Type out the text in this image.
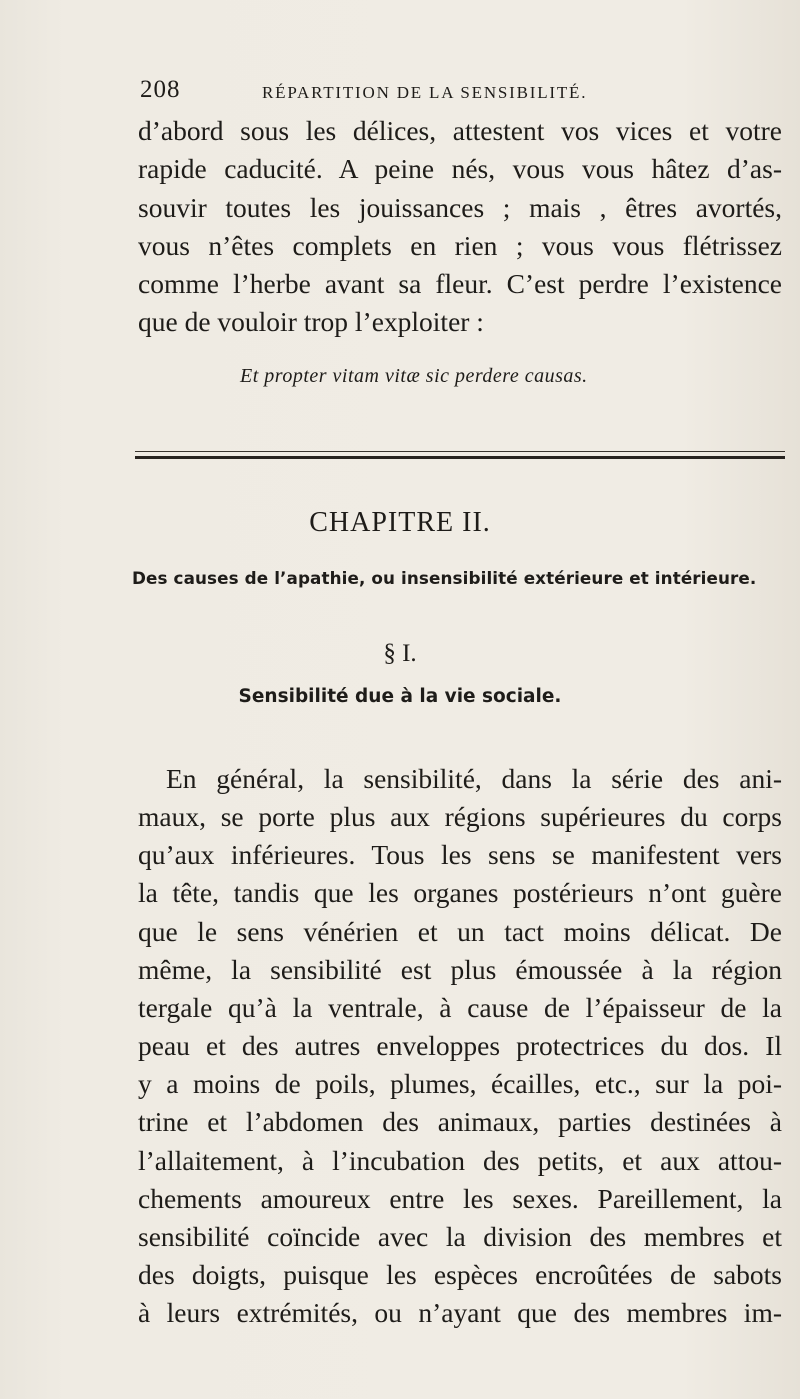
208	RÉPARTITION DE LA SENSIBILITÉ.
d’abord sous les délices, attestent vos vices et votre
rapide caducité. A peine nés, vous vous hâtez d’as-
souvir toutes les jouissances ; mais , êtres avortés,
vous n’êtes complets en rien ; vous vous flétrissez
comme l’herbe avant sa fleur. C’est perdre l’existence
que de vouloir trop l’exploiter :
Et propter vitam vitæ sic perdere causas.
CHAPITRE II.
Des causes de l’apathie, ou insensibilité extérieure et intérieure.
§ I.
Sensibilité due à la vie sociale.
En général, la sensibilité, dans la série des ani-
maux, se porte plus aux régions supérieures du corps
qu’aux inférieures. Tous les sens se manifestent vers
la tête, tandis que les organes postérieurs n’ont guère
que le sens vénérien et un tact moins délicat. De
même, la sensibilité est plus émoussée à la région
tergale qu’à la ventrale, à cause de l’épaisseur de la
peau et des autres enveloppes protectrices du dos. Il
y a moins de poils, plumes, écailles, etc., sur la poi-
trine et l’abdomen des animaux, parties destinées à
l’allaitement, à l’incubation des petits, et aux attou-
chements amoureux entre les sexes. Pareillement, la
sensibilité coïncide avec la division des membres et
des doigts, puisque les espèces encroûtées de sabots
à leurs extrémités, ou n’ayant que des membres im-
